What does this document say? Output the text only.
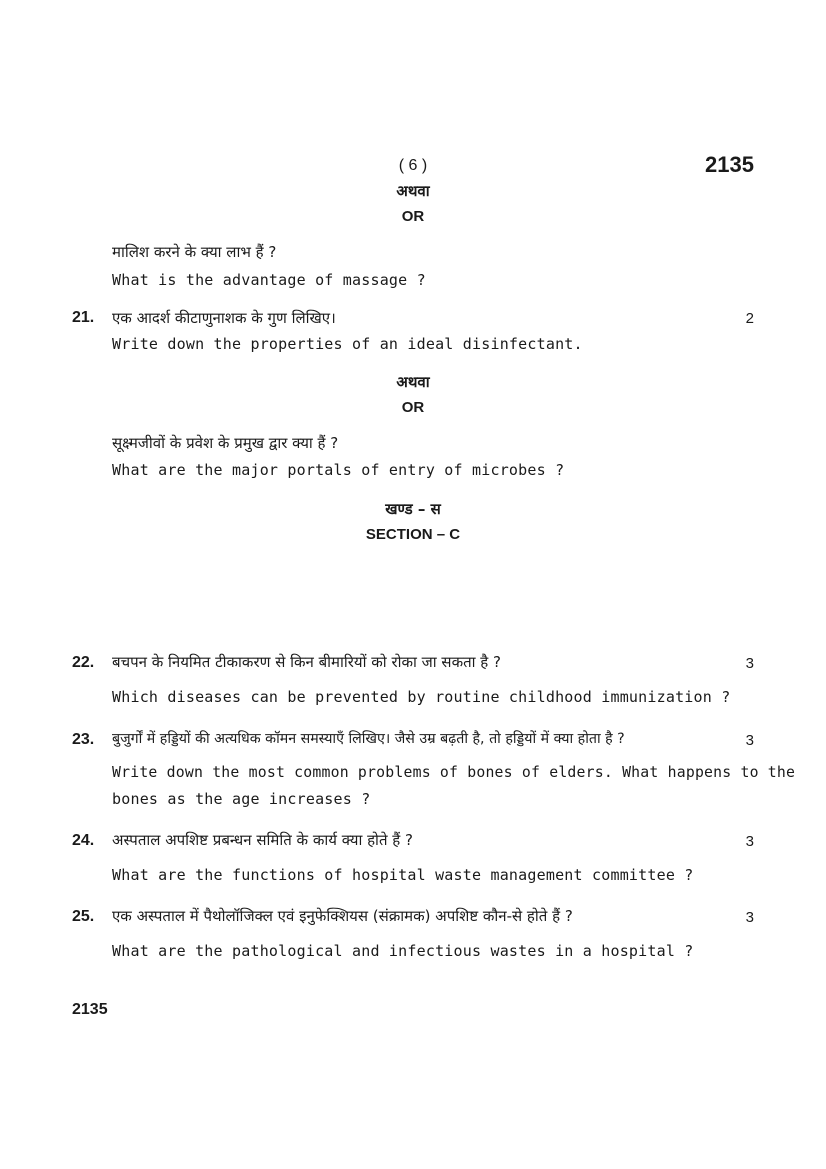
( 6 )	2135
अथवा
OR
मालिश करने के क्या लाभ हैं ?
What is the advantage of massage ?
21. एक आदर्श कीटाणुनाशक के गुण लिखिए।	2
Write down the properties of an ideal disinfectant.
अथवा
OR
सूक्ष्मजीवों के प्रवेश के प्रमुख द्वार क्या हैं ?
What are the major portals of entry of microbes ?
खण्ड – स
SECTION – C
22. बचपन के नियमित टीकाकरण से किन बीमारियों को रोका जा सकता है ?	3
Which diseases can be prevented by routine childhood immunization ?
23. बुजुर्गों में हड्डियों की अत्यधिक कॉमन समस्याएँ लिखिए। जैसे उम्र बढ़ती है, तो हड्डियों में क्या होता है ?	3
Write down the most common problems of bones of elders. What happens to the
bones as the age increases ?
24. अस्पताल अपशिष्ट प्रबन्धन समिति के कार्य क्या होते हैं ?	3
What are the functions of hospital waste management committee ?
25. एक अस्पताल में पैथोलॉजिक्ल एवं इनुफेक्शियस (संक्रामक) अपशिष्ट कौन-से होते हैं ?	3
What are the pathological and infectious wastes in a hospital ?
2135
